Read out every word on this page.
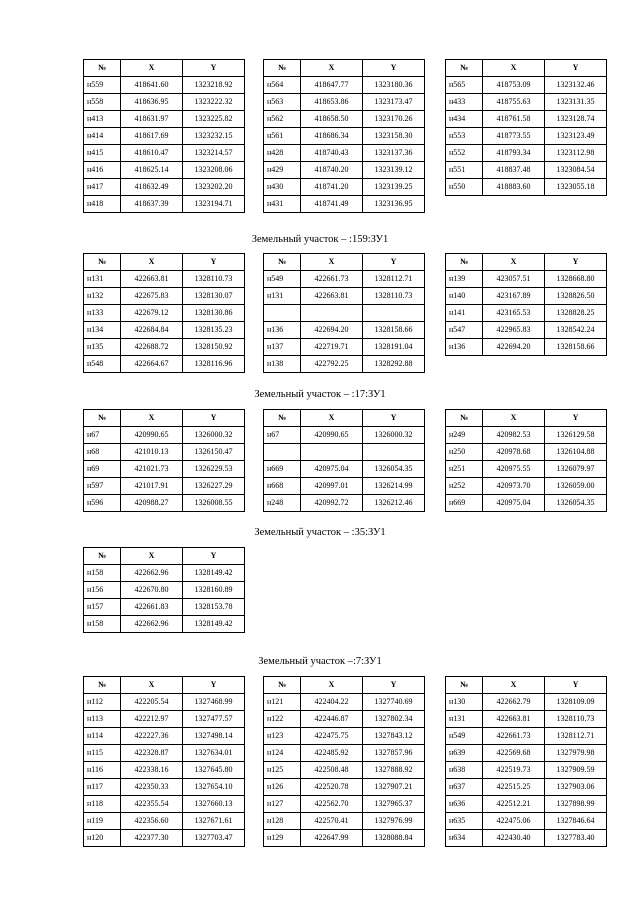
№	X	Y
н559	418641.60	1323218.92
н558	418636.95	1323222.32
н413	418631.97	1323225.82
н414	418617.69	1323232.15
н415	418610.47	1323214.57
н416	418625.14	1323208.06
н417	418632.49	1323202.20
н418	418637.39	1323194.71
№	X	Y
н564	418647.77	1323180.36
н563	418653.86	1323173.47
н562	418658.50	1323170.26
н561	418686.34	1323158.30
н428	418740.43	1323137.36
н429	418740.20	1323139.12
н430	418741.20	1323139.25
н431	418741.49	1323136.95
№	X	Y
н565	418753.09	1323132.46
н433	418755.63	1323131.35
н434	418761.58	1323128.74
н553	418773.55	1323123.49
н552	418793.34	1323112.98
н551	418837.48	1323084.54
н550	418883.60	1323055.18
Земельный участок – :159:ЗУ1
№	X	Y
н131	422663.81	1328110.73
н132	422675.83	1328130.07
н133	422679.12	1328130.86
н134	422684.84	1328135.23
н135	422688.72	1328150.92
н548	422664.67	1328116.96
№	X	Y
н549	422661.73	1328112.71
н131	422663.81	1328110.73

н136	422694.20	1328158.66
н137	422719.71	1328191.04
н138	422792.25	1328292.88
№	X	Y
н139	423057.51	1328668.80
н140	423167.89	1328826.50
н141	423165.53	1328828.25
н547	422965.83	1328542.24
н136	422694.20	1328158.66
Земельный участок – :17:ЗУ1
№	X	Y
н67	420990.65	1326000.32
н68	421010.13	1326150.47
н69	421021.73	1326229.53
н597	421017.91	1326227.29
н596	420988.27	1326008.55
№	X	Y
н67	420990.65	1326000.32

н669	420975.04	1326054.35
н668	420997.01	1326214.99
н248	420992.72	1326212.46
№	X	Y
н249	420982.53	1326129.58
н250	420978.68	1326104.88
н251	420975.55	1326079.97
н252	420973.70	1326059.00
н669	420975.04	1326054.35
Земельный участок – :35:ЗУ1
№	X	Y
н158	422662.96	1328149.42
н156	422670.80	1328160.89
н157	422661.83	1328153.78
н158	422662.96	1328149.42
Земельный участок –:7:ЗУ1
№	X	Y
н112	422205.54	1327468.99
н113	422212.97	1327477.57
н114	422227.36	1327498.14
н115	422328.87	1327634.01
н116	422338.16	1327645.80
н117	422350.33	1327654.10
н118	422355.54	1327660.13
н119	422356.60	1327671.61
н120	422377.30	1327703.47
№	X	Y
н121	422404.22	1327740.69
н122	422446.87	1327802.34
н123	422475.75	1327843.12
н124	422485.92	1327857.96
н125	422508.48	1327888.92
н126	422520.78	1327907.21
н127	422562.70	1327965.37
н128	422570.41	1327976.99
н129	422647.99	1328088.84
№	X	Y
н130	422662.79	1328109.09
н131	422663.81	1328110.73
н549	422661.73	1328112.71
н639	422569.68	1327979.98
н638	422519.73	1327909.59
н637	422515.25	1327903.06
н636	422512.21	1327898.99
н635	422475.06	1327846.64
н634	422430.40	1327783.40
